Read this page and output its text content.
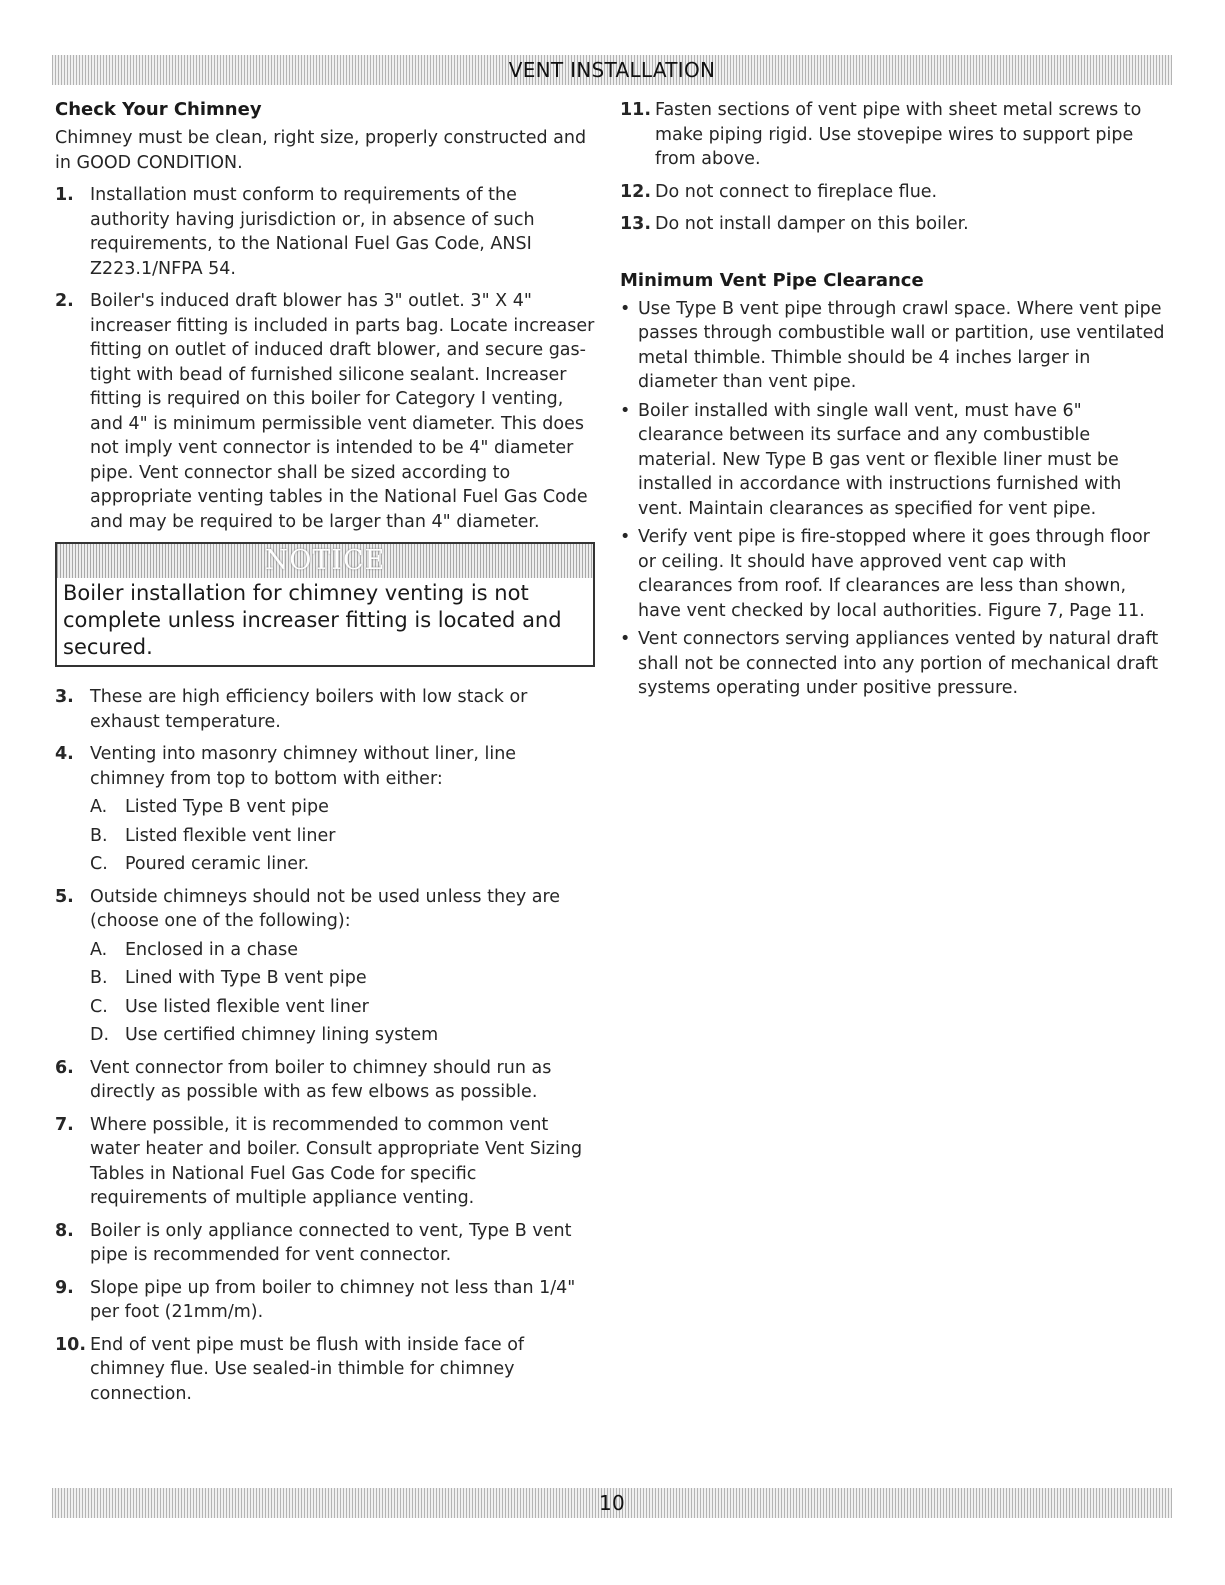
VENT INSTALLATION
Check Your Chimney

Chimney must be clean, right size, properly constructed and in GOOD CONDITION.

1. Installation must conform to requirements of the authority having jurisdiction or, in absence of such requirements, to the National Fuel Gas Code, ANSI Z223.1/NFPA 54.
2. Boiler's induced draft blower has 3" outlet. 3" X 4" increaser fitting is included in parts bag. Locate increaser fitting on outlet of induced draft blower, and secure gas-tight with bead of furnished silicone sealant. Increaser fitting is required on this boiler for Category I venting, and 4" is minimum permissible vent diameter. This does not imply vent connector is intended to be 4" diameter pipe. Vent connector shall be sized according to appropriate venting tables in the National Fuel Gas Code and may be required to be larger than 4" diameter.
NOTICE
Boiler installation for chimney venting is not complete unless increaser fitting is located and secured.
3. These are high efficiency boilers with low stack or exhaust temperature.
4. Venting into masonry chimney without liner, line chimney from top to bottom with either:
A.	Listed Type B vent pipe
B. Listed flexible vent liner
C. Poured ceramic liner.
5. Outside chimneys should not be used unless they are (choose one of the following):
A.	Enclosed in a chase
B. Lined with Type B vent pipe
C. Use listed flexible vent liner
D. Use certified chimney lining system
6. Vent connector from boiler to chimney should run as directly as possible with as few elbows as possible.
7. Where possible, it is recommended to common vent water heater and boiler. Consult appropriate Vent Sizing Tables in National Fuel Gas Code for specific requirements of multiple appliance venting.
8. Boiler is only appliance connected to vent, Type B vent pipe is recommended for vent connector.
9. Slope pipe up from boiler to chimney not less than 1/4" per foot (21mm/m).
10. End of vent pipe must be flush with inside face of chimney flue. Use sealed-in thimble for chimney connection.
11. Fasten sections of vent pipe with sheet metal screws to make piping rigid. Use stovepipe wires to support pipe from above.
12. Do not connect to fireplace flue.
13. Do not install damper on this boiler.
Minimum Vent Pipe Clearance
• Use Type B vent pipe through crawl space. Where vent pipe passes through combustible wall or partition, use ventilated metal thimble. Thimble should be 4 inches larger in diameter than vent pipe.
• Boiler installed with single wall vent, must have 6" clearance between its surface and any combustible material. New Type B gas vent or flexible liner must be installed in accordance with instructions furnished with vent. Maintain clearances as specified for vent pipe.
• Verify vent pipe is fire-stopped where it goes through floor or ceiling. It should have approved vent cap with clearances from roof. If clearances are less than shown, have vent checked by local authorities. Figure 7, Page 11.
• Vent connectors serving appliances vented by natural draft shall not be connected into any portion of mechanical draft systems operating under positive pressure.
10
